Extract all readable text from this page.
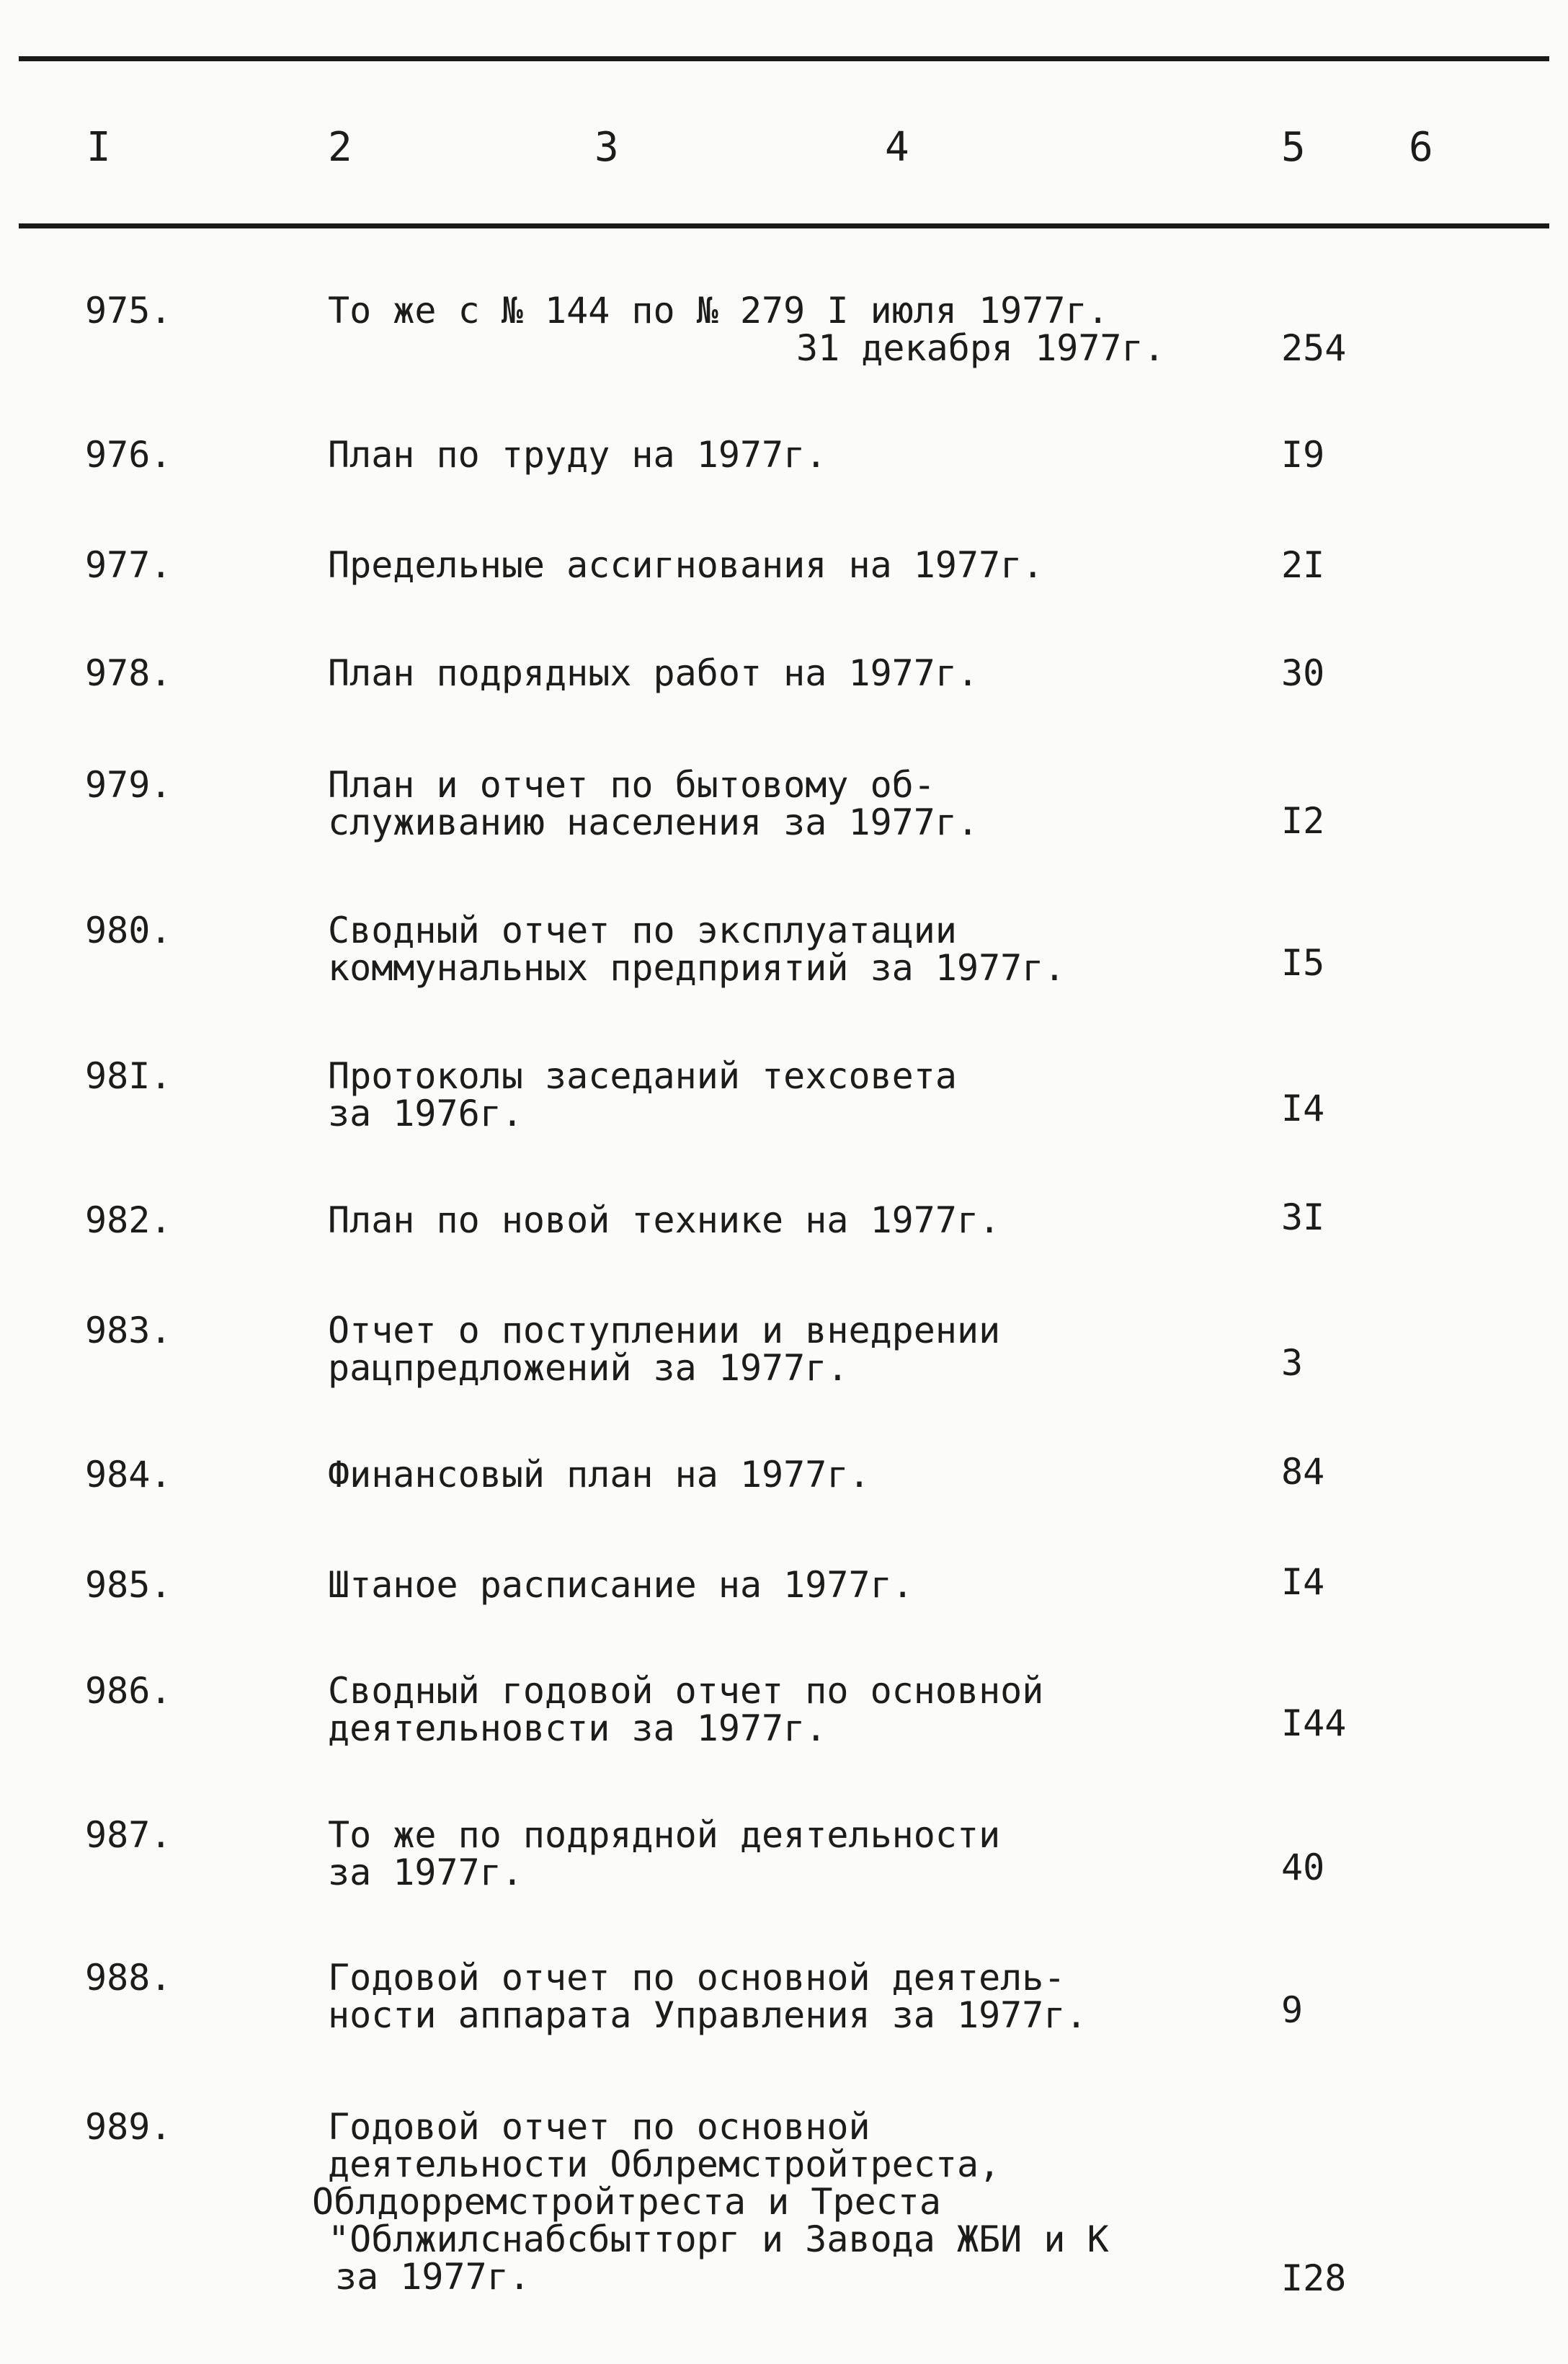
I	2	3	4	5	6
975.	То же с № 144 по № 279 I июля 1977г.
31 декабря 1977г.	254
976.	План по труду на 1977г.	I9
977.	Предельные ассигнования на 1977г.	2I
978.	План подрядных работ на 1977г.	30
979.	План и отчет по бытовому об-
служиванию населения за 1977г.	I2
980.	Сводный отчет по эксплуатации
коммунальных предприятий за 1977г.	I5
98I.	Протоколы заседаний техсовета
за 1976г.	I4
982.	План по новой технике на 1977г.	3I
983.	Отчет о поступлении и внедрении
рацпредложений за 1977г.	3
984.	Финансовый план на 1977г.	84
985.	Штаное расписание на 1977г.	I4
986.	Сводный годовой отчет по основной
деятельновсти за 1977г.	I44
987.	То же по подрядной деятельности
за 1977г.	40
988.	Годовой отчет по основной деятель-
ности аппарата Управления за 1977г.	9
989.	Годовой отчет по основной
деятельности Облремстройтреста,
Облдорремстройтреста и Треста
"Облжилснабсбытторг и Завода ЖБИ и К
за 1977г.	I28
